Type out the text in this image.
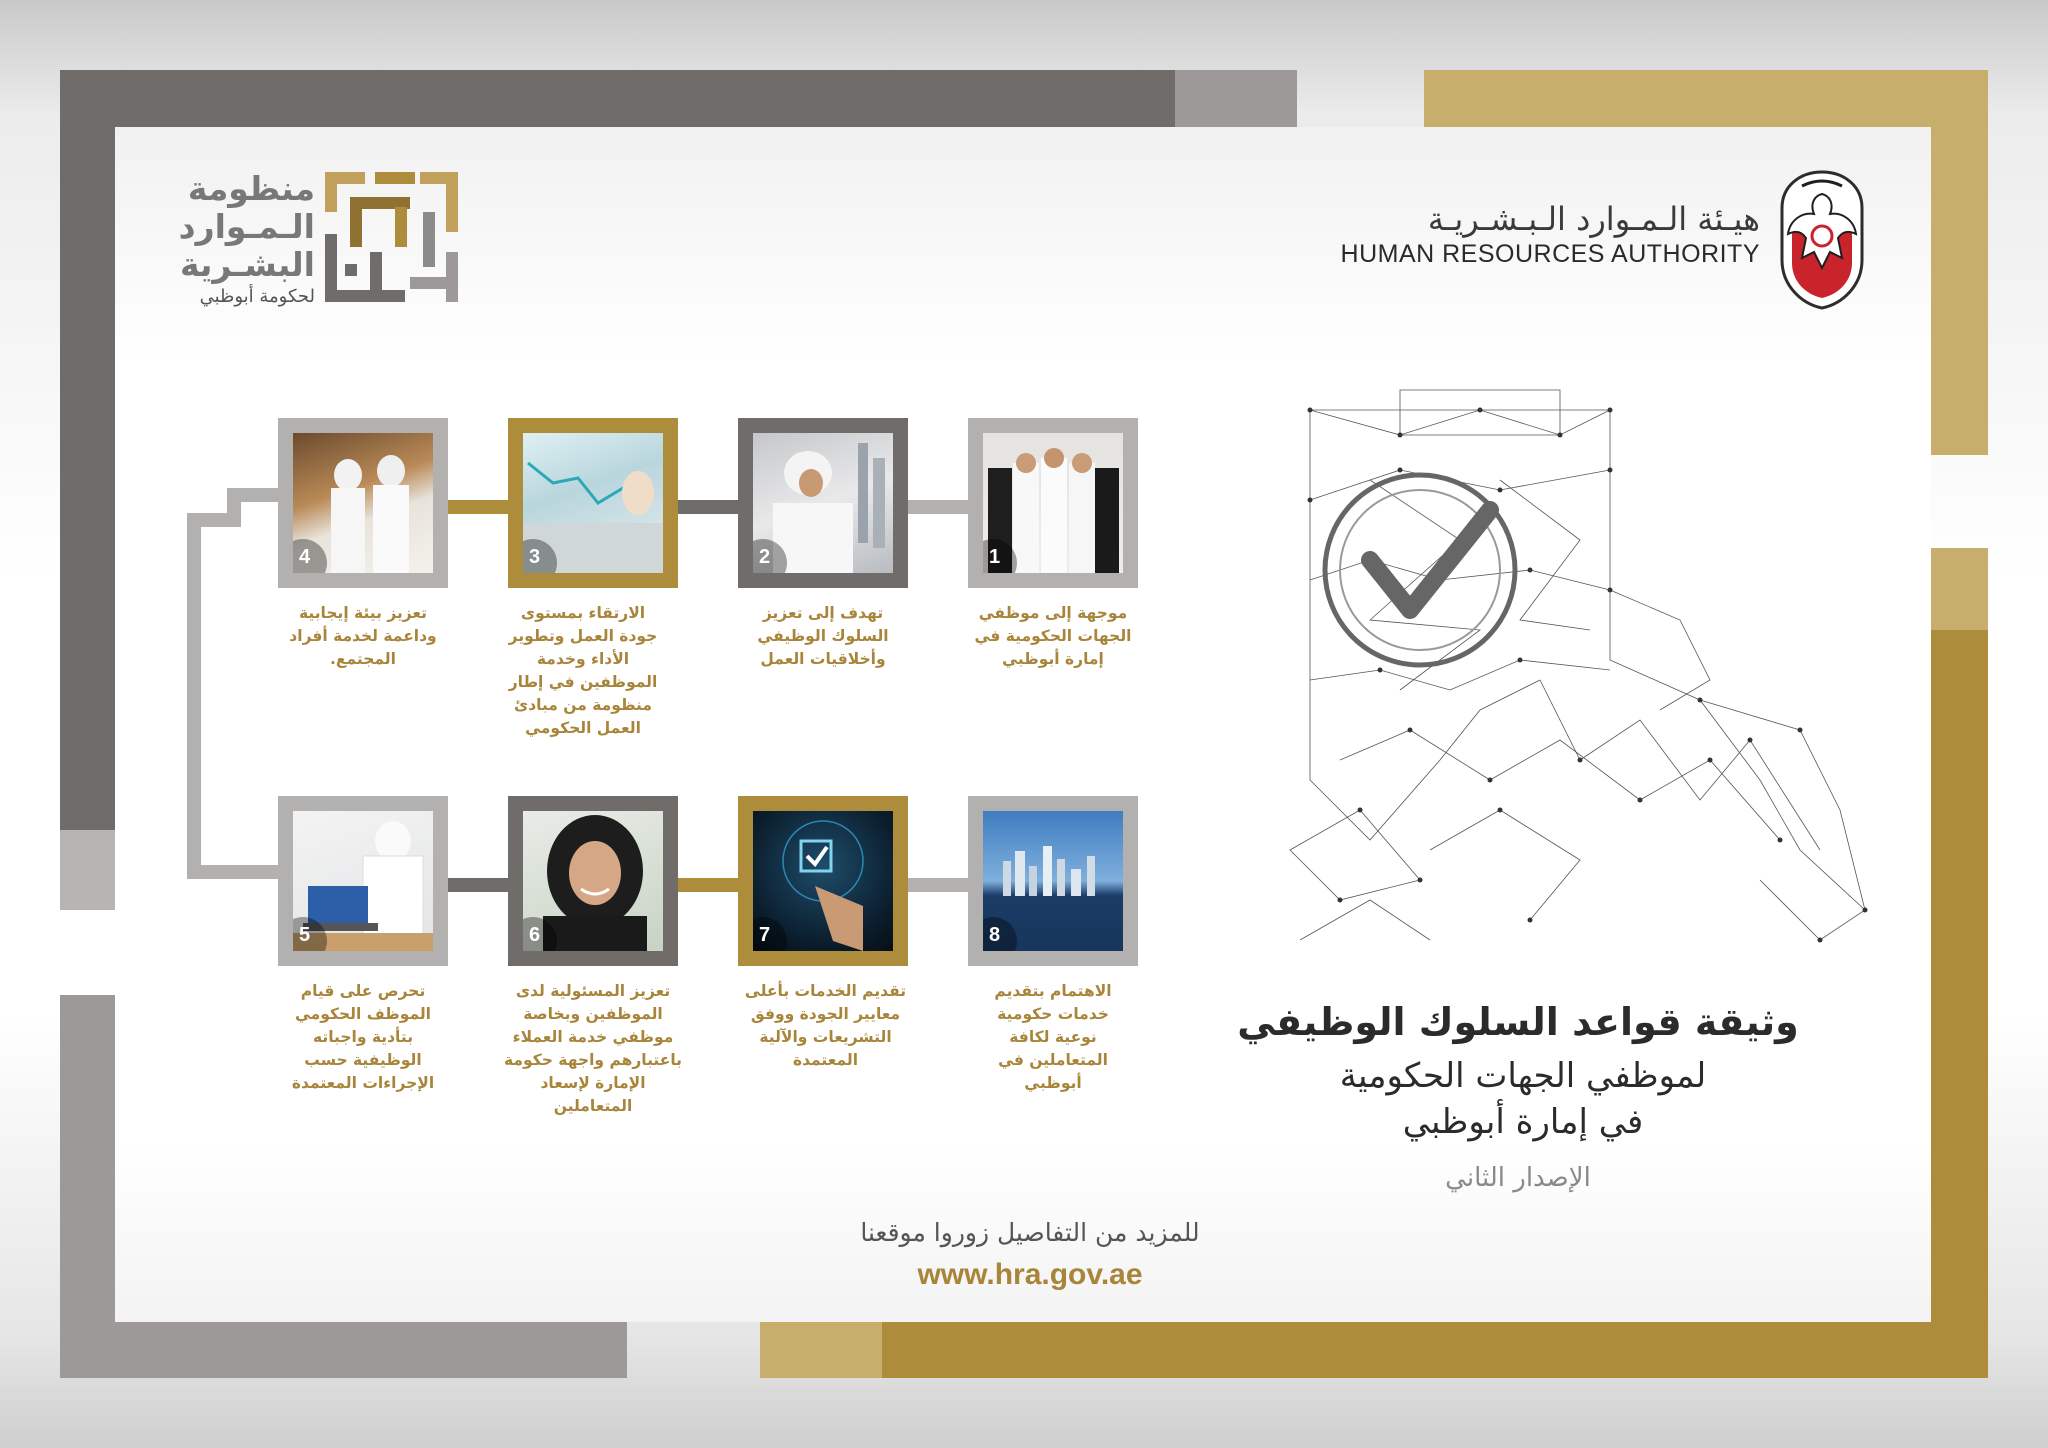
هيـئة الـمـوارد الـبـشـريـة
HUMAN RESOURCES AUTHORITY
منظومة
الـمـوارد
البشـرية
لحكومة أبوظبي
4	3	2	1
تعزيز بيئة إيجابية وداعمة لخدمة أفراد المجتمع.
الارتقاء بمستوى جودة العمل وتطوير الأداء وخدمة الموظفين في إطار منظومة من مبادئ العمل الحكومي
تهدف إلى تعزيز السلوك الوظيفي وأخلاقيات العمل
موجهة إلى موظفي الجهات الحكومية في إمارة أبوظبي
5	6	7	8
تحرص على قيام الموظف الحكومي بتأدية واجباته الوظيفية حسب الإجراءات المعتمدة
تعزيز المسئولية لدى الموظفين وبخاصة موظفي خدمة العملاء باعتبارهم واجهة حكومة الإمارة لإسعاد المتعاملين
تقديم الخدمات بأعلى معايير الجودة ووفق التشريعات والآلية المعتمدة
الاهتمام بتقديم خدمات حكومية نوعية لكافة المتعاملين في أبوظبي
وثيقة قواعد السلوك الوظيفي
لموظفي الجهات الحكومية
في إمارة أبوظبي
الإصدار الثاني
للمزيد من التفاصيل زوروا موقعنا
www.hra.gov.ae
